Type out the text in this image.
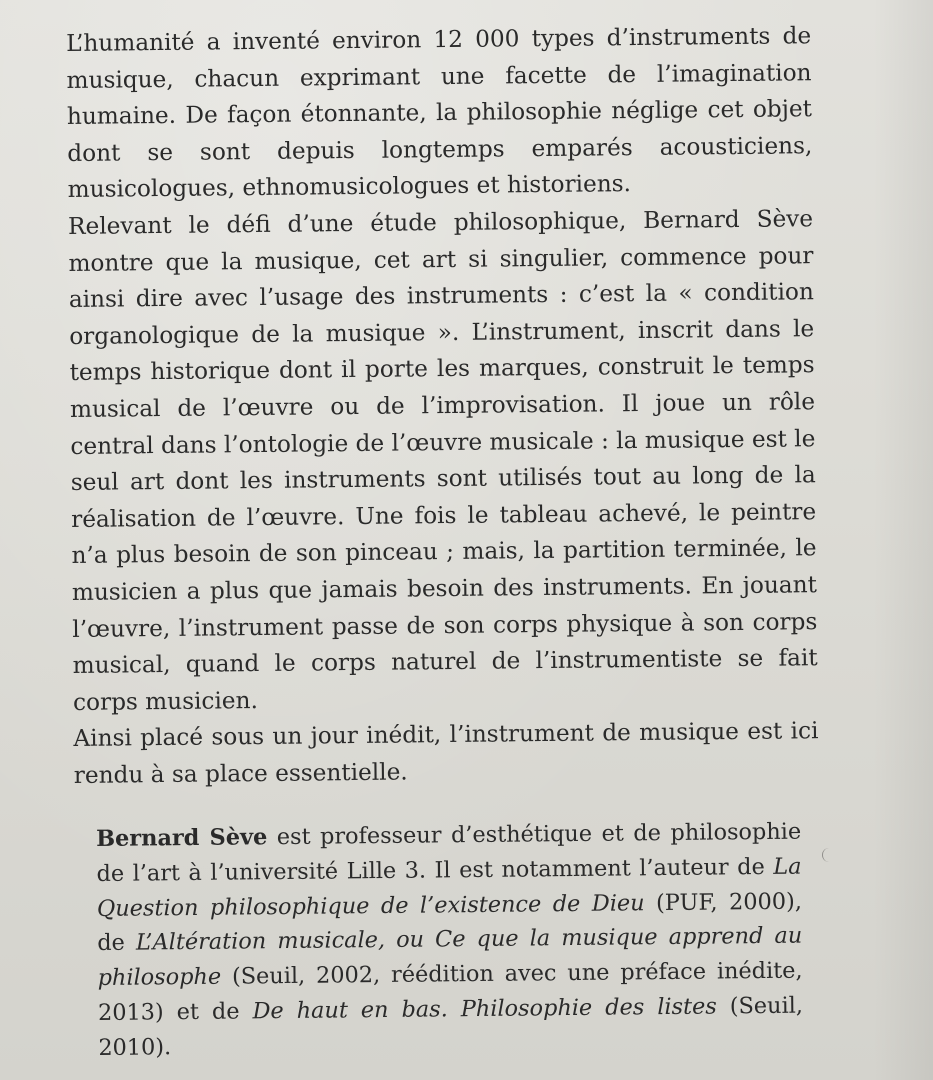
L’humanité a inventé environ 12 000 types d’instruments de musique, chacun exprimant une facette de l’imagination humaine. De façon étonnante, la philosophie néglige cet objet dont se sont depuis longtemps emparés acousticiens, musicologues, ethnomusicologues et historiens.

Relevant le défi d’une étude philosophique, Bernard Sève montre que la musique, cet art si singulier, commence pour ainsi dire avec l’usage des instruments : c’est la « condition organologique de la musique ». L’instrument, inscrit dans le temps historique dont il porte les marques, construit le temps musical de l’œuvre ou de l’improvisation. Il joue un rôle central dans l’ontologie de l’œuvre musicale : la musique est le seul art dont les instruments sont utilisés tout au long de la réalisation de l’œuvre. Une fois le tableau achevé, le peintre n’a plus besoin de son pinceau ; mais, la partition terminée, le musicien a plus que jamais besoin des instruments. En jouant l’œuvre, l’instrument passe de son corps physique à son corps musical, quand le corps naturel de l’instrumentiste se fait corps musicien.

Ainsi placé sous un jour inédit, l’instrument de musique est ici rendu à sa place essentielle.

Bernard Sève est professeur d’esthétique et de philosophie de l’art à l’université Lille 3. Il est notamment l’auteur de La Question philosophique de l’existence de Dieu (PUF, 2000), de L’Altération musicale, ou Ce que la musique apprend au philosophe (Seuil, 2002, réédition avec une préface inédite, 2013) et de De haut en bas. Philosophie des listes (Seuil, 2010).
